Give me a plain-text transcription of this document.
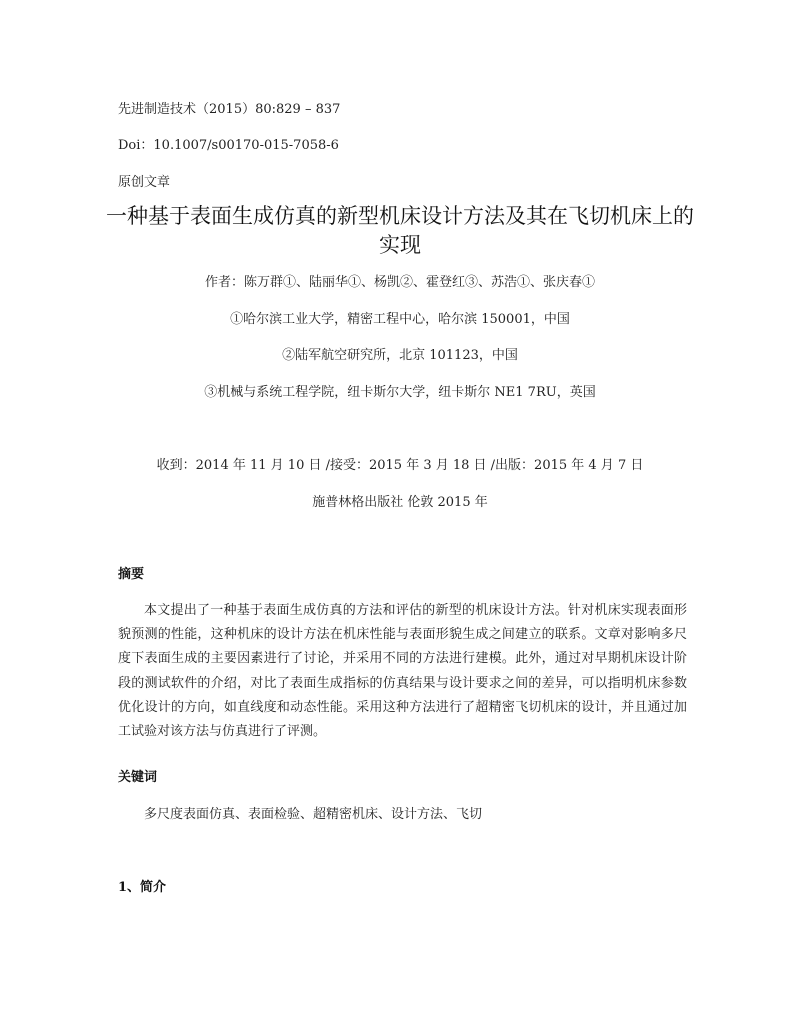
先进制造技术（2015）80:829 – 837
Doi：10.1007/s00170-015-7058-6
原创文章
一种基于表面生成仿真的新型机床设计方法及其在飞切机床上的实现
作者：陈万群①、陆丽华①、杨凯②、霍登红③、苏浩①、张庆春①
①哈尔滨工业大学，精密工程中心，哈尔滨 150001，中国
②陆军航空研究所，北京 101123，中国
③机械与系统工程学院，纽卡斯尔大学，纽卡斯尔 NE1 7RU，英国
收到：2014 年 11 月 10 日 /接受：2015 年 3 月 18 日 /出版：2015 年 4 月 7 日
施普林格出版社 伦敦 2015 年
摘要

本文提出了一种基于表面生成仿真的方法和评估的新型的机床设计方法。针对机床实现表面形貌预测的性能，这种机床的设计方法在机床性能与表面形貌生成之间建立的联系。文章对影响多尺度下表面生成的主要因素进行了讨论，并采用不同的方法进行建模。此外，通过对早期机床设计阶段的测试软件的介绍，对比了表面生成指标的仿真结果与设计要求之间的差异，可以指明机床参数优化设计的方向，如直线度和动态性能。采用这种方法进行了超精密飞切机床的设计，并且通过加工试验对该方法与仿真进行了评测。

关键词
多尺度表面仿真、表面检验、超精密机床、设计方法、飞切
1、简介
